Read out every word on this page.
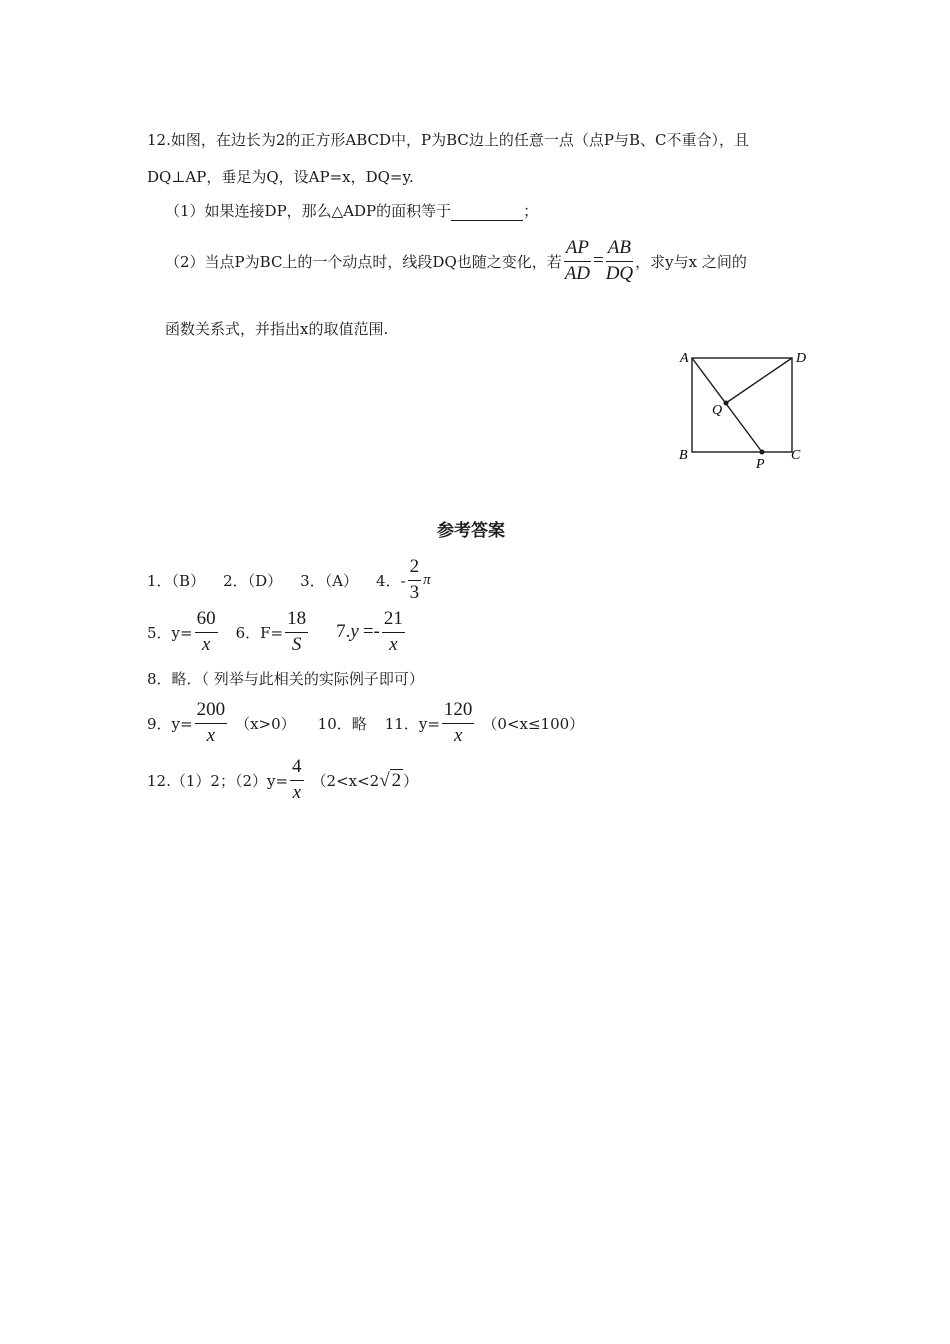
12.如图，在边长为2的正方形ABCD中，P为BC边上的任意一点（点P与B、C不重合），且
DQ⊥AP，垂足为Q，设AP=x，DQ=y.
（1）如果连接DP，那么△ADP的面积等于	；
（2）当点P为BC上的一个动点时，线段DQ也随之变化，若 $\frac{AP}{AD} = \frac{AB}{DQ}$ ，求y与x 之间的
函数关系式，并指出x的取值范围.
A	D
Q
B
P
C
参考答案
1．（B） 2．（D） 3．（A） 4．- $\frac{2}{3}$ π
5．$y= \frac{60}{x} 6$．$F= \frac{18}{S} 7$. $y =- \frac{21}{x}$
8．略．（ 列举与此相关的实际例子即可）
9．$y= \frac{200}{x} (x>0)$ 10．略 11．$y= \frac{120}{x} (0<x\le 100)$
12.（1）2；$(2)y= \frac{4}{x} (2<x<2$ √ 2 ）
